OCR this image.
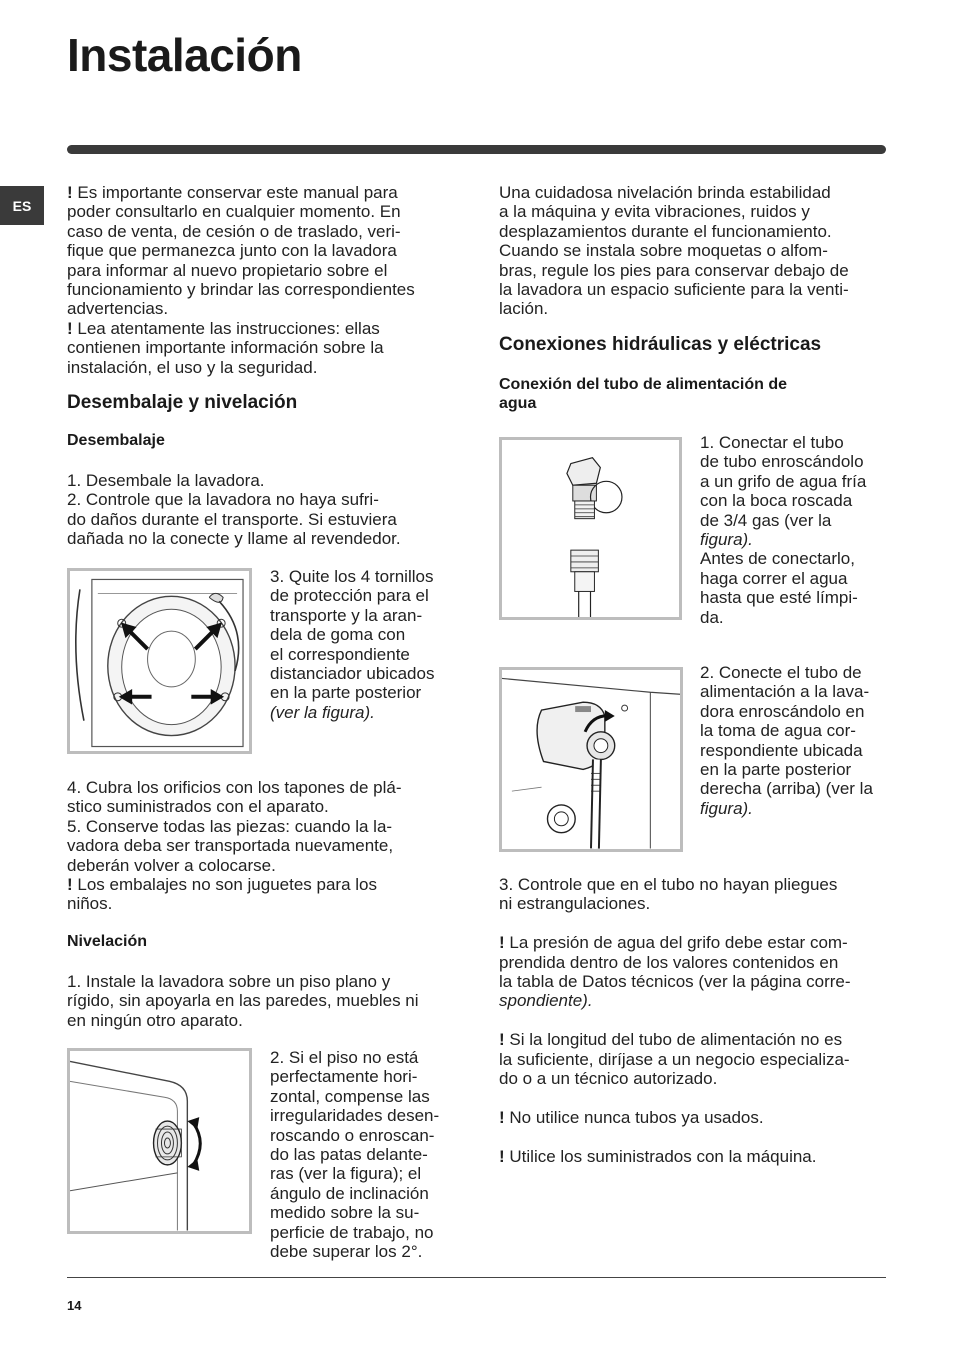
Instalación
ES

! Es importante conservar este manual para

poder consultarlo en cualquier momento. En

caso de venta, de cesión o de traslado, veri-

fique que permanezca junto con la lavadora

para informar al nuevo propietario sobre el

funcionamiento y brindar las correspondientes

advertencias.

! Lea atentamente las instrucciones: ellas

contienen importante información sobre la

instalación, el uso y la seguridad.

Desembalaje y nivelación

Desembalaje

1. Desembale la lavadora.

2. Controle que la lavadora no haya sufri-

do daños durante el transporte. Si estuviera

dañada no la conecte y llame al revendedor.

3. Quite los 4 tornillos

de protección para el

transporte y la aran-

dela de goma con

el correspondiente

distanciador ubicados

en la parte posterior

(ver la figura).

4. Cubra los orificios con los tapones de plá-

stico suministrados con el aparato.

5. Conserve todas las piezas: cuando la la-

vadora deba ser transportada nuevamente,

deberán volver a colocarse.

! Los embalajes no son juguetes para los

niños.

Nivelación

1. Instale la lavadora sobre un piso plano y

rígido, sin apoyarla en las paredes, muebles ni

en ningún otro aparato.

2. Si el piso no está

perfectamente hori-

zontal, compense las

irregularidades desen-

roscando o enroscan-

do las patas delante-

ras (ver la figura); el

ángulo de inclinación

medido sobre la su-

perficie de trabajo, no

debe superar los 2°.

Una cuidadosa nivelación brinda estabilidad

a la máquina y evita vibraciones, ruidos y

desplazamientos durante el funcionamiento.

Cuando se instala sobre moquetas o alfom-

bras, regule los pies para conservar debajo de

la lavadora un espacio suficiente para la venti-

lación.

Conexiones hidráulicas y eléctricas

Conexión del tubo de alimentación de

agua

1. Conectar el tubo

de tubo enroscándolo

a un grifo de agua fría

con la boca roscada

de 3/4 gas (ver la

figura).

Antes de conectarlo,

haga correr el agua

hasta que esté límpi-

da.

2. Conecte el tubo de

alimentación a la lava-

dora enroscándolo en

la toma de agua cor-

respondiente ubicada

en la parte posterior

derecha (arriba) (ver la

figura).

3. Controle que en el tubo no hayan pliegues

ni estrangulaciones.

! La presión de agua del grifo debe estar com-

prendida dentro de los valores contenidos en

la tabla de Datos técnicos (ver la página corre-

spondiente).

! Si la longitud del tubo de alimentación no es

la suficiente, diríjase a un negocio especializa-

do o a un técnico autorizado.

! No utilice nunca tubos ya usados.

! Utilice los suministrados con la máquina.

14
